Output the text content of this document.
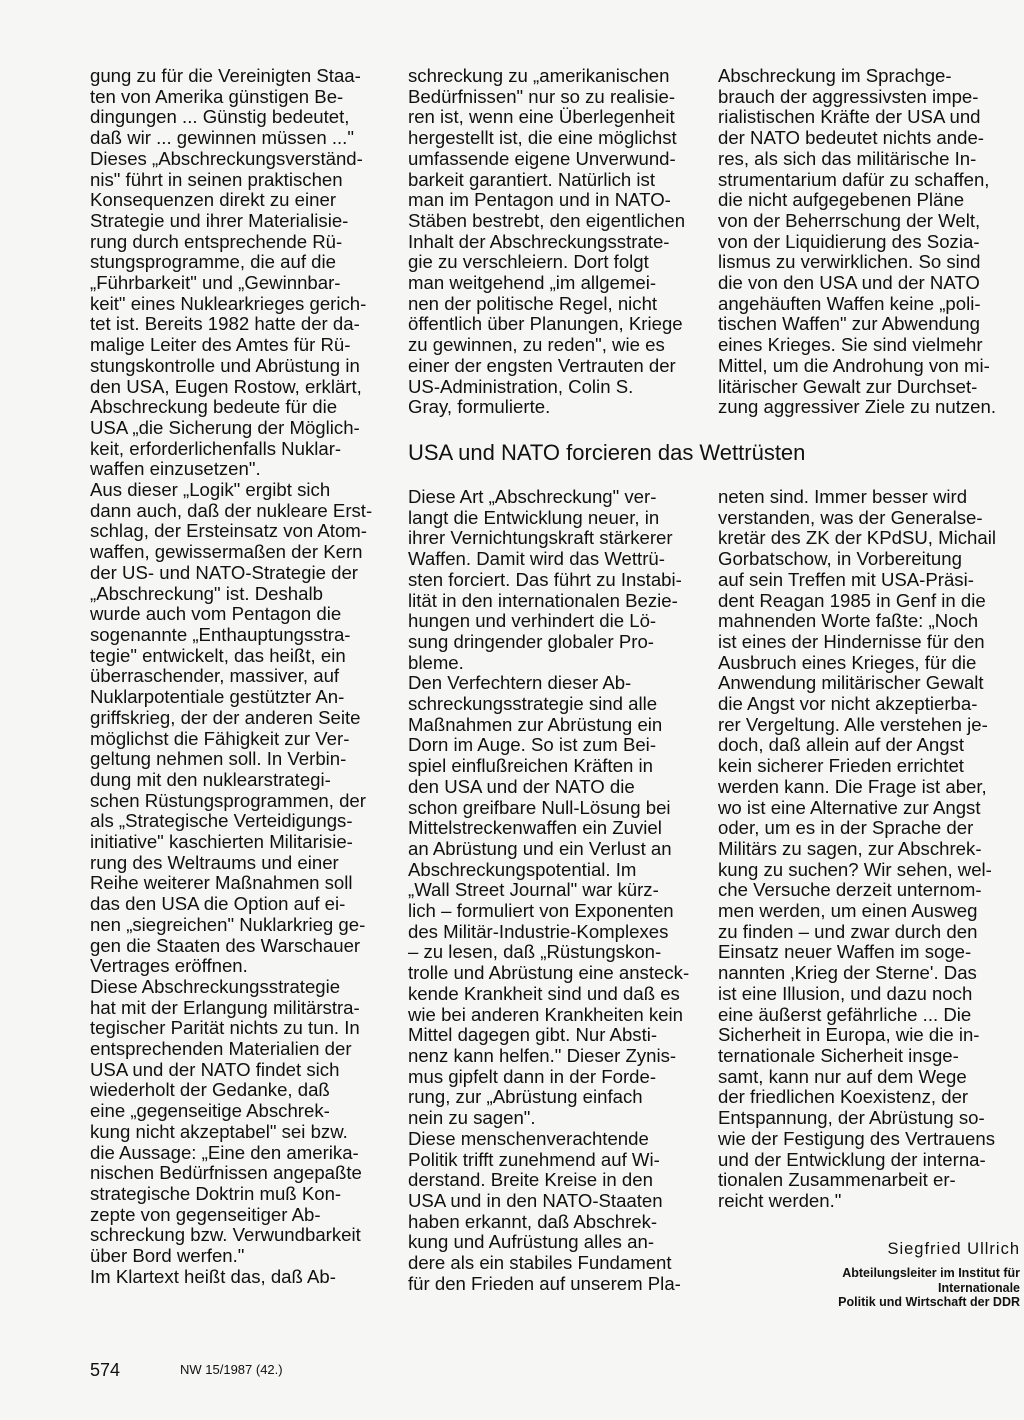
gung zu für die Vereinigten Staa-
ten von Amerika günstigen Be-
dingungen ... Günstig bedeutet,
daß wir ... gewinnen müssen ..."

Dieses „Abschreckungsverständ-
nis" führt in seinen praktischen
Konsequenzen direkt zu einer
Strategie und ihrer Materialisie-
rung durch entsprechende Rü-
stungsprogramme, die auf die
„Führbarkeit" und „Gewinnbar-
keit" eines Nuklearkrieges gerich-
tet ist. Bereits 1982 hatte der da-
malige Leiter des Amtes für Rü-
stungskontrolle und Abrüstung in
den USA, Eugen Rostow, erklärt,
Abschreckung bedeute für die
USA „die Sicherung der Möglich-
keit, erforderlichenfalls Nuklar-
waffen einzusetzen".

Aus dieser „Logik" ergibt sich
dann auch, daß der nukleare Erst-
schlag, der Ersteinsatz von Atom-
waffen, gewissermaßen der Kern
der US- und NATO-Strategie der
„Abschreckung" ist. Deshalb
wurde auch vom Pentagon die
sogenannte „Enthauptungsstra-
tegie" entwickelt, das heißt, ein
überraschender, massiver, auf
Nuklarpotentiale gestützter An-
griffskrieg, der der anderen Seite
möglichst die Fähigkeit zur Ver-
geltung nehmen soll. In Verbin-
dung mit den nuklearstrategi-
schen Rüstungsprogrammen, der
als „Strategische Verteidigungs-
initiative" kaschierten Militarisie-
rung des Weltraums und einer
Reihe weiterer Maßnahmen soll
das den USA die Option auf ei-
nen „siegreichen" Nuklarkrieg ge-
gen die Staaten des Warschauer
Vertrages eröffnen.

Diese Abschreckungsstrategie
hat mit der Erlangung militärstra-
tegischer Parität nichts zu tun. In
entsprechenden Materialien der
USA und der NATO findet sich
wiederholt der Gedanke, daß
eine „gegenseitige Abschrek-
kung nicht akzeptabel" sei bzw.
die Aussage: „Eine den amerika-
nischen Bedürfnissen angepaßte
strategische Doktrin muß Kon-
zepte von gegenseitiger Ab-
schreckung bzw. Verwundbarkeit
über Bord werfen."

Im Klartext heißt das, daß Ab-

schreckung zu „amerikanischen
Bedürfnissen" nur so zu realisie-
ren ist, wenn eine Überlegenheit
hergestellt ist, die eine möglichst
umfassende eigene Unverwund-
barkeit garantiert. Natürlich ist
man im Pentagon und in NATO-
Stäben bestrebt, den eigentlichen
Inhalt der Abschreckungsstrate-
gie zu verschleiern. Dort folgt
man weitgehend „im allgemei-
nen der politische Regel, nicht
öffentlich über Planungen, Kriege
zu gewinnen, zu reden", wie es
einer der engsten Vertrauten der
US-Administration, Colin S.
Gray, formulierte.

Abschreckung im Sprachge-
brauch der aggressivsten impe-
rialistischen Kräfte der USA und
der NATO bedeutet nichts ande-
res, als sich das militärische In-
strumentarium dafür zu schaffen,
die nicht aufgegebenen Pläne
von der Beherrschung der Welt,
von der Liquidierung des Sozia-
lismus zu verwirklichen. So sind
die von den USA und der NATO
angehäuften Waffen keine „poli-
tischen Waffen" zur Abwendung
eines Krieges. Sie sind vielmehr
Mittel, um die Androhung von mi-
litärischer Gewalt zur Durchset-
zung aggressiver Ziele zu nutzen.

USA und NATO forcieren das Wettrüsten

Diese Art „Abschreckung" ver-
langt die Entwicklung neuer, in
ihrer Vernichtungskraft stärkerer
Waffen. Damit wird das Wettrü-
sten forciert. Das führt zu Instabi-
lität in den internationalen Bezie-
hungen und verhindert die Lö-
sung dringender globaler Pro-
bleme.

Den Verfechtern dieser Ab-
schreckungsstrategie sind alle
Maßnahmen zur Abrüstung ein
Dorn im Auge. So ist zum Bei-
spiel einflußreichen Kräften in
den USA und der NATO die
schon greifbare Null-Lösung bei
Mittelstreckenwaffen ein Zuviel
an Abrüstung und ein Verlust an
Abschreckungspotential. Im
„Wall Street Journal" war kürz-
lich – formuliert von Exponenten
des Militär-Industrie-Komplexes
– zu lesen, daß „Rüstungskon-
trolle und Abrüstung eine ansteck-
kende Krankheit sind und daß es
wie bei anderen Krankheiten kein
Mittel dagegen gibt. Nur Absti-
nenz kann helfen." Dieser Zynis-
mus gipfelt dann in der Forde-
rung, zur „Abrüstung einfach
nein zu sagen".

Diese menschenverachtende
Politik trifft zunehmend auf Wi-
derstand. Breite Kreise in den
USA und in den NATO-Staaten
haben erkannt, daß Abschrek-
kung und Aufrüstung alles an-
dere als ein stabiles Fundament
für den Frieden auf unserem Pla-

neten sind. Immer besser wird
verstanden, was der Generalse-
kretär des ZK der KPdSU, Michail
Gorbatschow, in Vorbereitung
auf sein Treffen mit USA-Präsi-
dent Reagan 1985 in Genf in die
mahnenden Worte faßte: „Noch
ist eines der Hindernisse für den
Ausbruch eines Krieges, für die
Anwendung militärischer Gewalt
die Angst vor nicht akzeptierba-
rer Vergeltung. Alle verstehen je-
doch, daß allein auf der Angst
kein sicherer Frieden errichtet
werden kann. Die Frage ist aber,
wo ist eine Alternative zur Angst
oder, um es in der Sprache der
Militärs zu sagen, zur Abschrek-
kung zu suchen? Wir sehen, wel-
che Versuche derzeit unternom-
men werden, um einen Ausweg
zu finden – und zwar durch den
Einsatz neuer Waffen im soge-
nannten ‚Krieg der Sterne'. Das
ist eine Illusion, und dazu noch
eine äußerst gefährliche ... Die
Sicherheit in Europa, wie die in-
ternationale Sicherheit insge-
samt, kann nur auf dem Wege
der friedlichen Koexistenz, der
Entspannung, der Abrüstung so-
wie der Festigung des Vertrauens
und der Entwicklung der interna-
tionalen Zusammenarbeit er-
reicht werden."

Siegfried Ullrich
Abteilungsleiter im Institut für
Internationale
Politik und Wirtschaft der DDR
574	NW 15/1987 (42.)
